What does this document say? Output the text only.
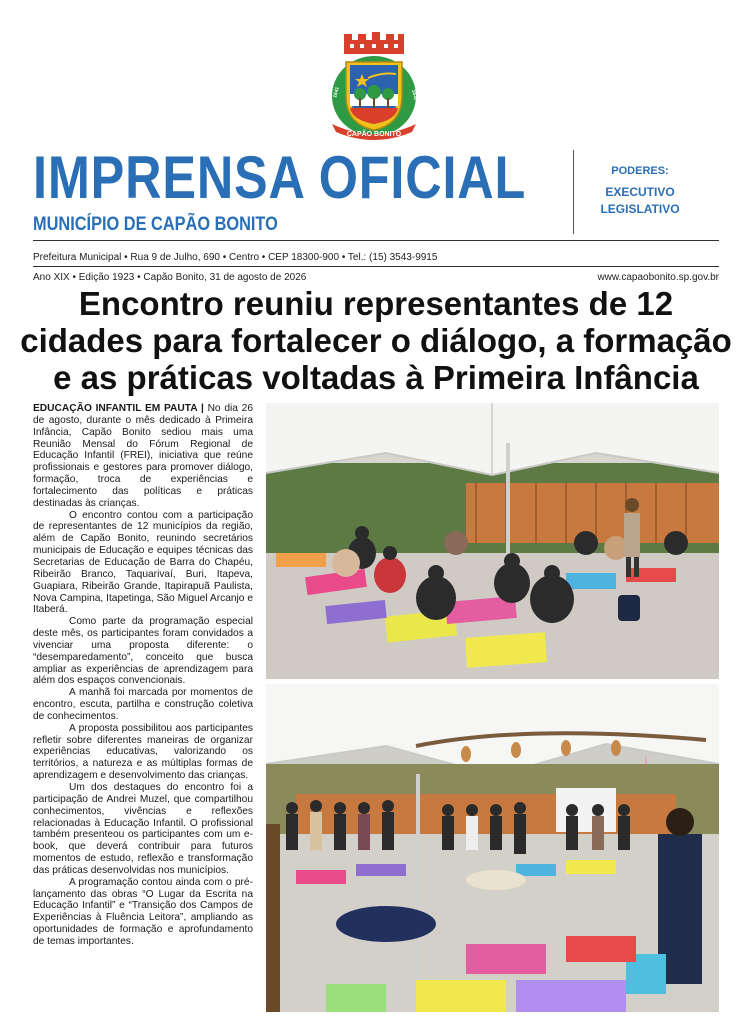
CAPÃO BONITO
1641	1832
IMPRENSA OFICIAL
MUNICÍPIO DE CAPÃO BONITO
PODERES:
EXECUTIVO
LEGISLATIVO
Prefeitura Municipal • Rua 9 de Julho, 690 • Centro • CEP 18300-900 • Tel.: (15) 3543-9915
Ano XIX • Edição 1923 • Capão Bonito, 31 de agosto de 2026	www.capaobonito.sp.gov.br
Encontro reuniu representantes de 12 cidades para fortalecer o diálogo, a formação e as práticas voltadas à Primeira Infância

EDUCAÇÃO INFANTIL EM PAUTA | No dia 26 de agosto, durante o mês dedicado à Primeira Infância, Capão Bonito sediou mais uma Reunião Mensal do Fórum Regional de Educação Infantil (FREI), iniciativa que reúne profissionais e gestores para promover diálogo, formação, troca de experiências e fortalecimento das políticas e práticas destinadas às crianças.

O encontro contou com a participação de representantes de 12 municípios da região, além de Capão Bonito, reunindo secretários municipais de Educação e equipes técnicas das Secretarias de Educação de Barra do Chapéu, Ribeirão Branco, Taquarivaí, Buri, Itapeva, Guapiara, Ribeirão Grande, Itapirapuã Paulista, Nova Campina, Itapetinga, São Miguel Arcanjo e Itaberá.

Como parte da programação especial deste mês, os participantes foram convidados a vivenciar uma proposta diferente: o “desemparedamento”, conceito que busca ampliar as experiências de aprendizagem para além dos espaços convencionais.

A manhã foi marcada por momentos de encontro, escuta, partilha e construção coletiva de conhecimentos.

A proposta possibilitou aos participantes refletir sobre diferentes maneiras de organizar experiências educativas, valorizando os territórios, a natureza e as múltiplas formas de aprendizagem e desenvolvimento das crianças.

Um dos destaques do encontro foi a participação de Andrei Muzel, que compartilhou conhecimentos, vivências e reflexões relacionadas à Educação Infantil. O profissional também presenteou os participantes com um e-book, que deverá contribuir para futuros momentos de estudo, reflexão e transformação das práticas desenvolvidas nos municípios.

A programação contou ainda com o pré-lançamento das obras “O Lugar da Escrita na Educação Infantil” e “Transição dos Campos de Experiências à Fluência Leitora”, ampliando as oportunidades de formação e aprofundamento de temas importantes.
